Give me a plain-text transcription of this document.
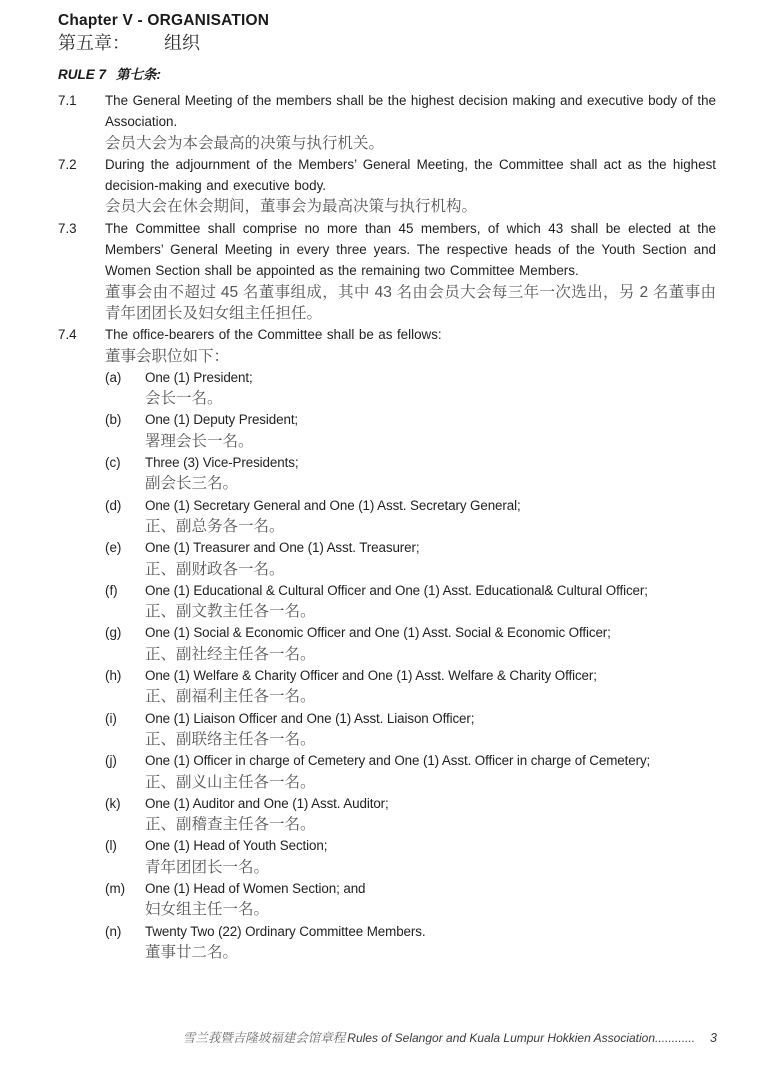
Chapter V - ORGANISATION
第五章： 组织
RULE 7 第七条:
7.1	The General Meeting of the members shall be the highest decision making and executive body of the Association.

会员大会为本会最高的决策与执行机关。

7.2	During the adjournment of the Members’ General Meeting, the Committee shall act as the highest decision-making and executive body.

会员大会在休会期间，董事会为最高决策与执行机构。

7.3	The Committee shall comprise no more than 45 members, of which 43 shall be elected at the Members’ General Meeting in every three years. The respective heads of the Youth Section and Women Section shall be appointed as the remaining two Committee Members.

董事会由不超过 45 名董事组成，其中 43 名由会员大会每三年一次选出，另 2 名董事由青年团团长及妇女组主任担任。

7.4	The office-bearers of the Committee shall be as fellows:

董事会职位如下：

(a)	One (1) President;

会长一名。

(b)	One (1) Deputy President;

署理会长一名。

(c)	Three (3) Vice-Presidents;

副会长三名。

(d)	One (1) Secretary General and One (1) Asst. Secretary General;

正、副总务各一名。

(e)	One (1) Treasurer and One (1) Asst. Treasurer;

正、副财政各一名。

(f)	One (1) Educational & Cultural Officer and One (1) Asst. Educational& Cultural Officer;

正、副文教主任各一名。

(g)	One (1) Social & Economic Officer and One (1) Asst. Social & Economic Officer;

正、副社经主任各一名。

(h)	One (1) Welfare & Charity Officer and One (1) Asst. Welfare & Charity Officer;

正、副福利主任各一名。

(i)	One (1) Liaison Officer and One (1) Asst. Liaison Officer;

正、副联络主任各一名。

(j)	One (1) Officer in charge of Cemetery and One (1) Asst. Officer in charge of Cemetery;

正、副义山主任各一名。

(k)	One (1) Auditor and One (1) Asst. Auditor;

正、副稽查主任各一名。

(l)	One (1) Head of Youth Section;

青年团团长一名。

(m)	One (1) Head of Women Section; and

妇女组主任一名。

(n)	Twenty Two (22) Ordinary Committee Members.

董事廿二名。

雪兰莪暨吉隆坡福建会馆章程 Rules of Selangor and Kuala Lumpur Hokkien Association............ 3
